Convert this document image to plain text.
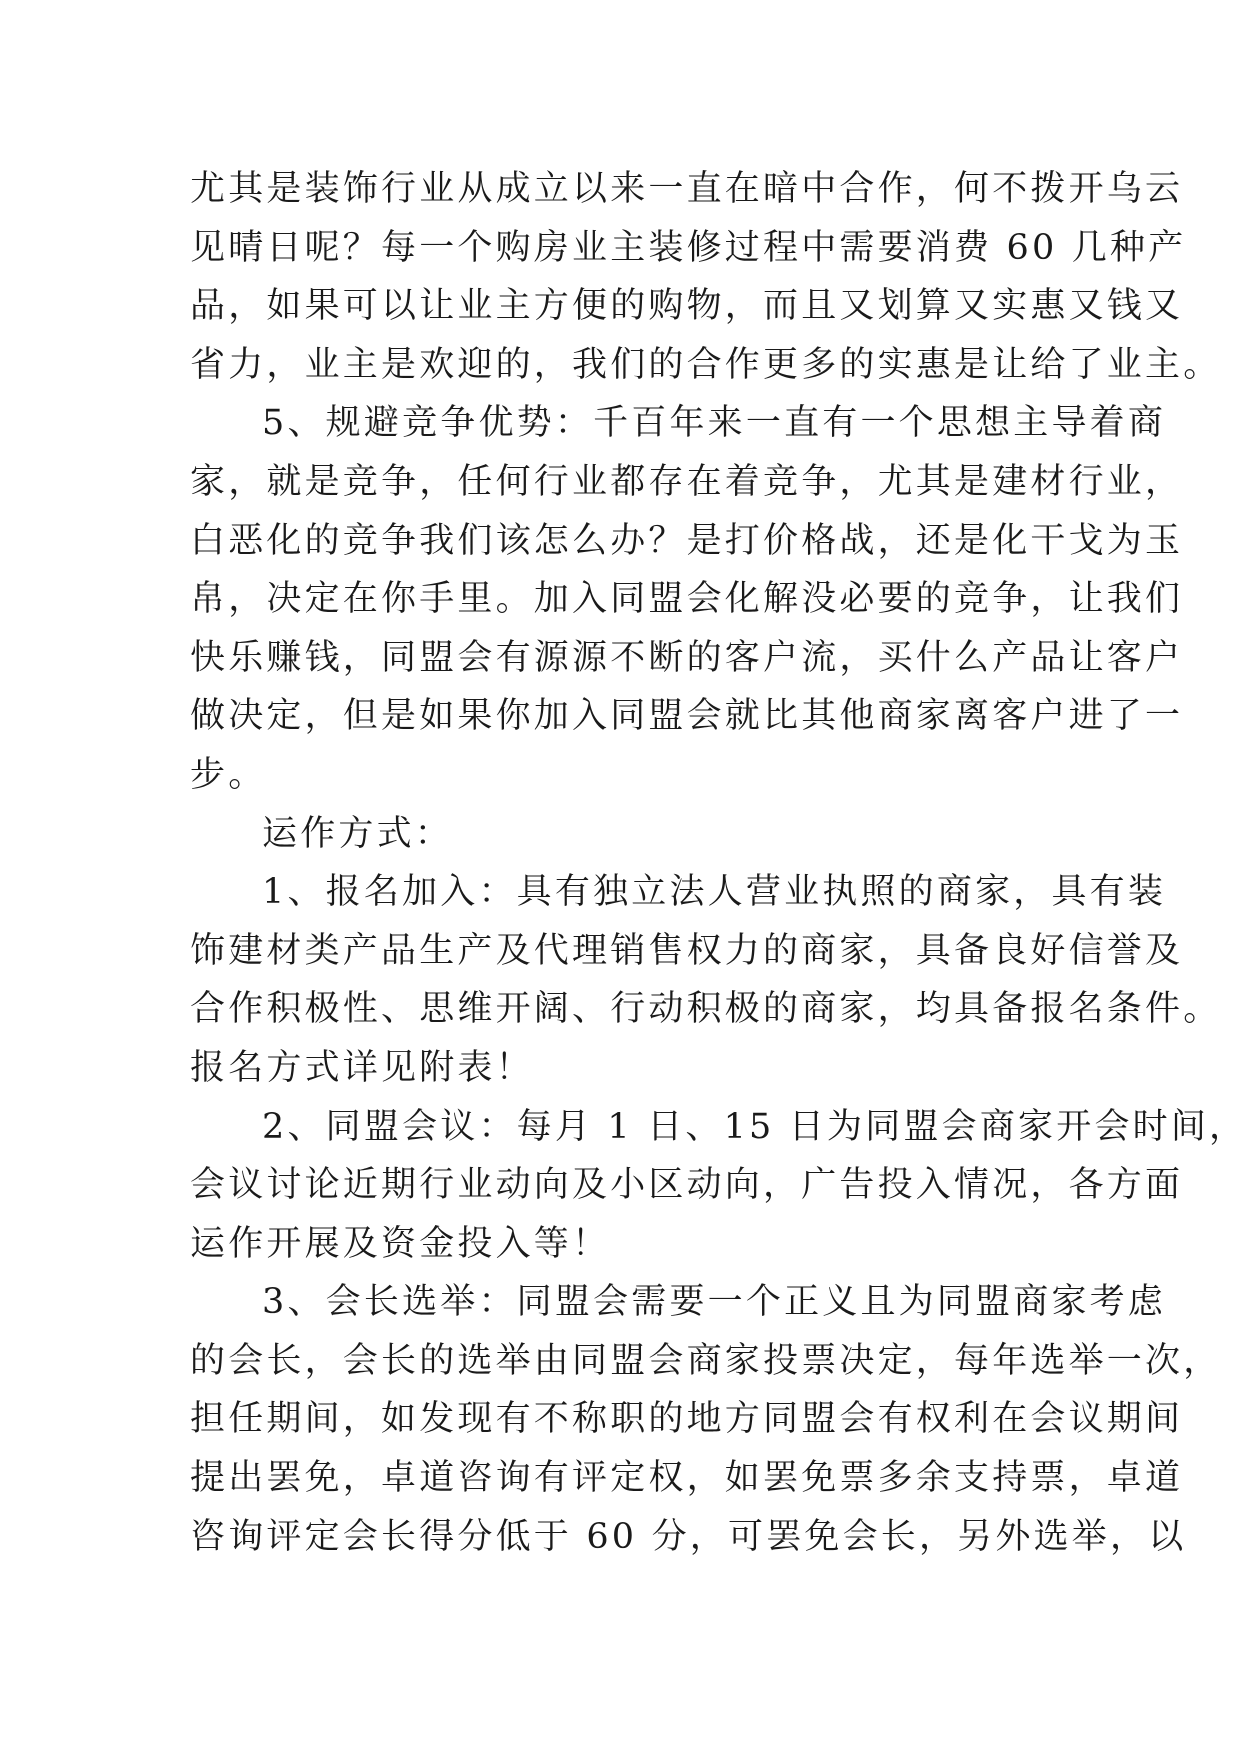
尤其是装饰行业从成立以来一直在暗中合作，何不拨开乌云
见晴日呢？每一个购房业主装修过程中需要消费 60 几种产
品，如果可以让业主方便的购物，而且又划算又实惠又钱又
省力，业主是欢迎的，我们的合作更多的实惠是让给了业主。
5、规避竞争优势：千百年来一直有一个思想主导着商
家，就是竞争，任何行业都存在着竞争，尤其是建材行业，
白恶化的竞争我们该怎么办？是打价格战，还是化干戈为玉
帛，决定在你手里。加入同盟会化解没必要的竞争，让我们
快乐赚钱，同盟会有源源不断的客户流，买什么产品让客户
做决定，但是如果你加入同盟会就比其他商家离客户进了一
步。
运作方式：
1、报名加入：具有独立法人营业执照的商家，具有装
饰建材类产品生产及代理销售权力的商家，具备良好信誉及
合作积极性、思维开阔、行动积极的商家，均具备报名条件。
报名方式详见附表！
2、同盟会议：每月 1 日、15 日为同盟会商家开会时间，
会议讨论近期行业动向及小区动向，广告投入情况，各方面
运作开展及资金投入等！
3、会长选举：同盟会需要一个正义且为同盟商家考虑
的会长，会长的选举由同盟会商家投票决定，每年选举一次，
担任期间，如发现有不称职的地方同盟会有权利在会议期间
提出罢免，卓道咨询有评定权，如罢免票多余支持票，卓道
咨询评定会长得分低于 60 分，可罢免会长，另外选举，以
